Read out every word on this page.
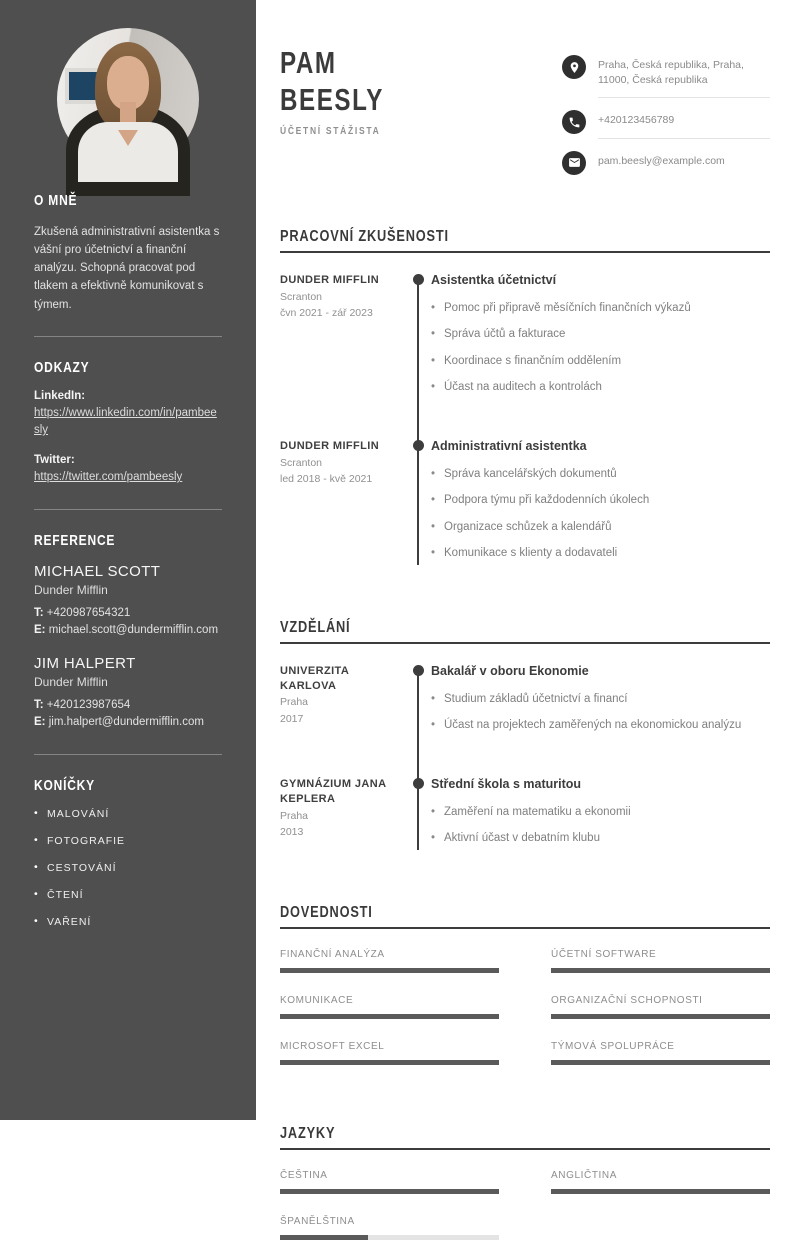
O MNĚ

Zkušená administrativní asistentka s vášní pro účetnictví a finanční analýzu. Schopná pracovat pod tlakem a efektivně komunikovat s týmem.

ODKAZY
LinkedIn:
https://www.linkedin.com/in/pambeesly
Twitter:
https://twitter.com/pambeesly
REFERENCE
MICHAEL SCOTT
Dunder Mifflin
T: +420987654321
E: michael.scott@dundermifflin.com
JIM HALPERT
Dunder Mifflin
T: +420123987654
E: jim.halpert@dundermifflin.com
KONÍČKY
• MALOVÁNÍ
• FOTOGRAFIE
• CESTOVÁNÍ
• ČTENÍ
• VAŘENÍ
PAM
BEESLY
ÚČETNÍ STÁŽISTA
Praha, Česká republika, Praha, 11000, Česká republika
+420123456789
pam.beesly@example.com
PRACOVNÍ ZKUŠENOSTI
DUNDER MIFFLIN
Scranton
čvn 2021 - zář 2023
Asistentka účetnictví
• Pomoc při připravě měsíčních finančních výkazů
• Správa účtů a fakturace
• Koordinace s finančním oddělením
• Účast na auditech a kontrolách
DUNDER MIFFLIN
Scranton
led 2018 - kvě 2021
Administrativní asistentka
• Správa kancelářských dokumentů
• Podpora týmu při každodenních úkolech
• Organizace schůzek a kalendářů
• Komunikace s klienty a dodavateli
VZDĚLÁNÍ
UNIVERZITA KARLOVA
Praha
2017
Bakalář v oboru Ekonomie
• Studium základů účetnictví a financí
• Účast na projektech zaměřených na ekonomickou analýzu
GYMNÁZIUM JANA KEPLERA
Praha
2013
Střední škola s maturitou
• Zaměření na matematiku a ekonomii
• Aktivní účast v debatním klubu
DOVEDNOSTI
FINANČNÍ ANALÝZA	ÚČETNÍ SOFTWARE
KOMUNIKACE	ORGANIZAČNÍ SCHOPNOSTI
MICROSOFT EXCEL	TÝMOVÁ SPOLUPRÁCE
JAZYKY
ČEŠTINA	ANGLIČTINA
ŠPANĚLŠTINA
